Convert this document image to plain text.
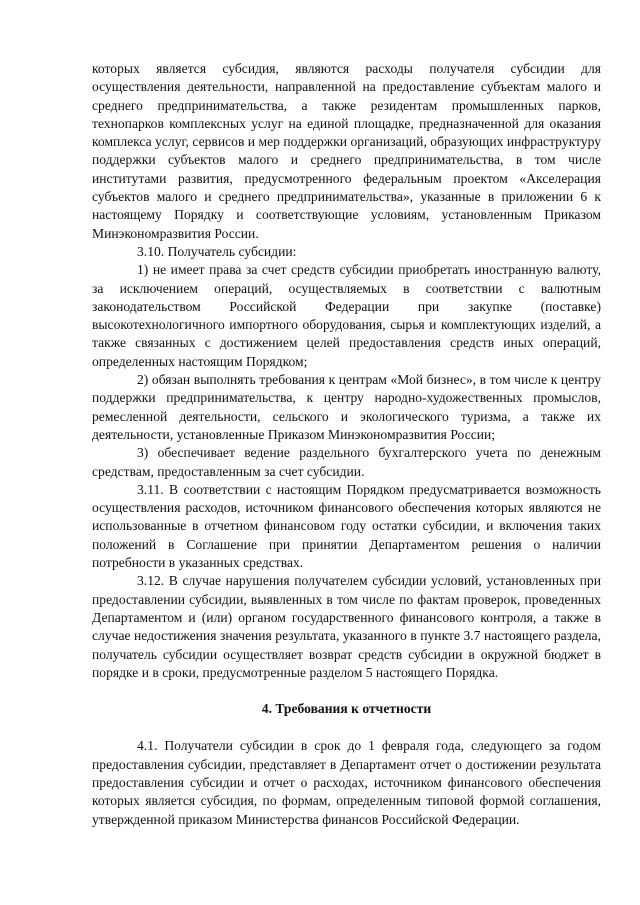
которых является субсидия, являются расходы получателя субсидии для осуществления деятельности, направленной на предоставление субъектам малого и среднего предпринимательства, а также резидентам промышленных парков, технопарков комплексных услуг на единой площадке, предназначенной для оказания комплекса услуг, сервисов и мер поддержки организаций, образующих инфраструктуру поддержки субъектов малого и среднего предпринимательства, в том числе институтами развития, предусмотренного федеральным проектом «Акселерация субъектов малого и среднего предпринимательства», указанные в приложении 6 к настоящему Порядку и соответствующие условиям, установленным Приказом Минэкономразвития России.

3.10. Получатель субсидии:

1) не имеет права за счет средств субсидии приобретать иностранную валюту, за исключением операций, осуществляемых в соответствии с валютным законодательством Российской Федерации при закупке (поставке) высокотехнологичного импортного оборудования, сырья и комплектующих изделий, а также связанных с достижением целей предоставления средств иных операций, определенных настоящим Порядком;

2) обязан выполнять требования к центрам «Мой бизнес», в том числе к центру поддержки предпринимательства, к центру народно-художественных промыслов, ремесленной деятельности, сельского и экологического туризма, а также их деятельности, установленные Приказом Минэкономразвития России;

3) обеспечивает ведение раздельного бухгалтерского учета по денежным средствам, предоставленным за счет субсидии.

3.11. В соответствии с настоящим Порядком предусматривается возможность осуществления расходов, источником финансового обеспечения которых являются не использованные в отчетном финансовом году остатки субсидии, и включения таких положений в Соглашение при принятии Департаментом решения о наличии потребности в указанных средствах.

3.12. В случае нарушения получателем субсидии условий, установленных при предоставлении субсидии, выявленных в том числе по фактам проверок, проведенных Департаментом и (или) органом государственного финансового контроля, а также в случае недостижения значения результата, указанного в пункте 3.7 настоящего раздела, получатель субсидии осуществляет возврат средств субсидии в окружной бюджет в порядке и в сроки, предусмотренные разделом 5 настоящего Порядка.

4. Требования к отчетности

4.1. Получатели субсидии в срок до 1 февраля года, следующего за годом предоставления субсидии, представляет в Департамент отчет о достижении результата предоставления субсидии и отчет о расходах, источником финансового обеспечения которых является субсидия, по формам, определенным типовой формой соглашения, утвержденной приказом Министерства финансов Российской Федерации.
